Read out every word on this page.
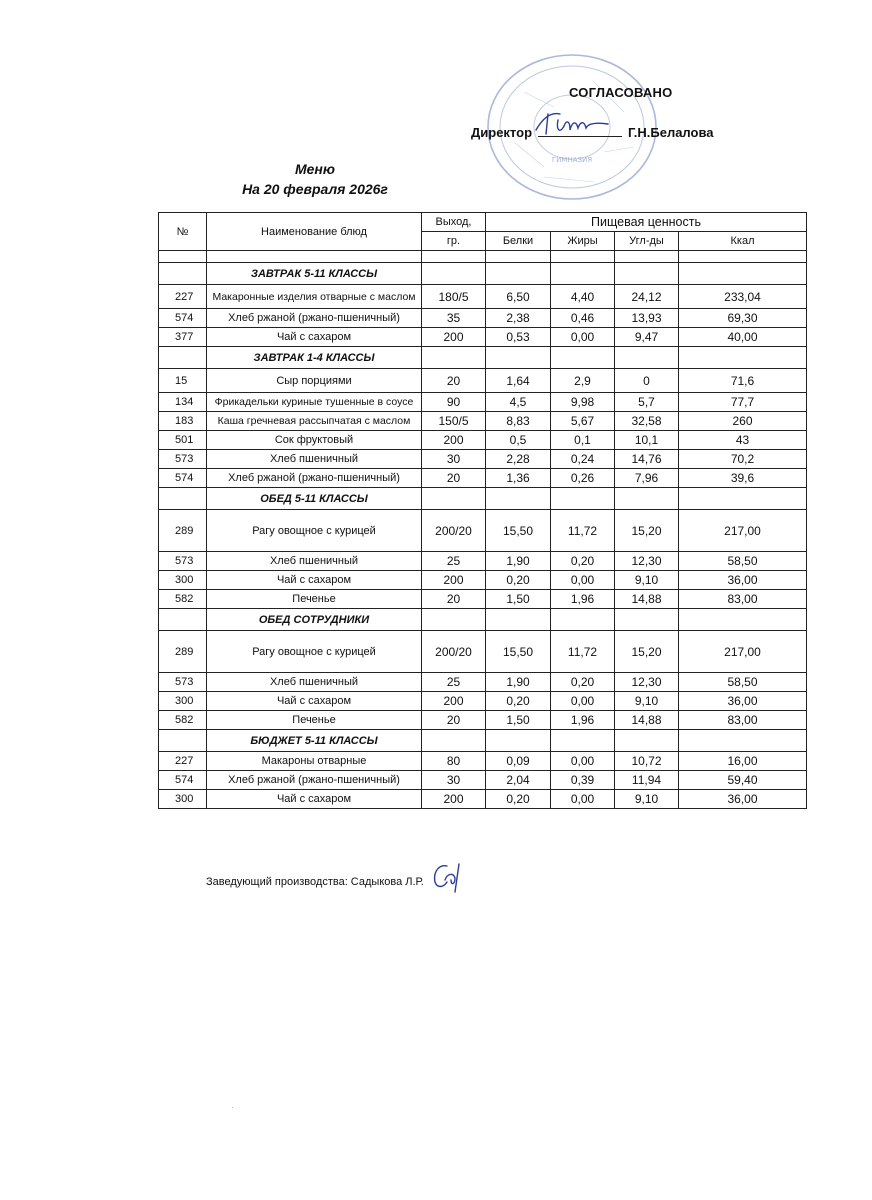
ГИМНАЗИЯ
СОГЛАСОВАНО
Директор	Г.Н.Белалова
Меню
На 20 февраля 2026г
№	Наименование блюд	Выход,	Пищевая ценность			
		гр.	Белки	Жиры	Угл-ды	Ккал

	ЗАВТРАК 5-11 КЛАССЫ					
227	Макаронные изделия отварные с маслом	180/5	6,50	4,40	24,12	233,04
574	Хлеб ржаной (ржано-пшеничный)	35	2,38	0,46	13,93	69,30
377	Чай с сахаром	200	0,53	0,00	9,47	40,00
	ЗАВТРАК 1-4 КЛАССЫ					
15	Сыр порциями	20	1,64	2,9	0	71,6
134	Фрикадельки куриные тушенные в соусе	90	4,5	9,98	5,7	77,7
183	Каша гречневая рассыпчатая с маслом	150/5	8,83	5,67	32,58	260
501	Сок фруктовый	200	0,5	0,1	10,1	43
573	Хлеб пшеничный	30	2,28	0,24	14,76	70,2
574	Хлеб ржаной (ржано-пшеничный)	20	1,36	0,26	7,96	39,6
	ОБЕД 5-11 КЛАССЫ					
289	Рагу овощное с курицей	200/20	15,50	11,72	15,20	217,00
573	Хлеб пшеничный	25	1,90	0,20	12,30	58,50
300	Чай с сахаром	200	0,20	0,00	9,10	36,00
582	Печенье	20	1,50	1,96	14,88	83,00
	ОБЕД СОТРУДНИКИ					
289	Рагу овощное с курицей	200/20	15,50	11,72	15,20	217,00
573	Хлеб пшеничный	25	1,90	0,20	12,30	58,50
300	Чай с сахаром	200	0,20	0,00	9,10	36,00
582	Печенье	20	1,50	1,96	14,88	83,00
	БЮДЖЕТ 5-11 КЛАССЫ					
227	Макароны отварные	80	0,09	0,00	10,72	16,00
574	Хлеб ржаной (ржано-пшеничный)	30	2,04	0,39	11,94	59,40
300	Чай с сахаром	200	0,20	0,00	9,10	36,00
Заведующий производства: Садыкова Л.Р.
